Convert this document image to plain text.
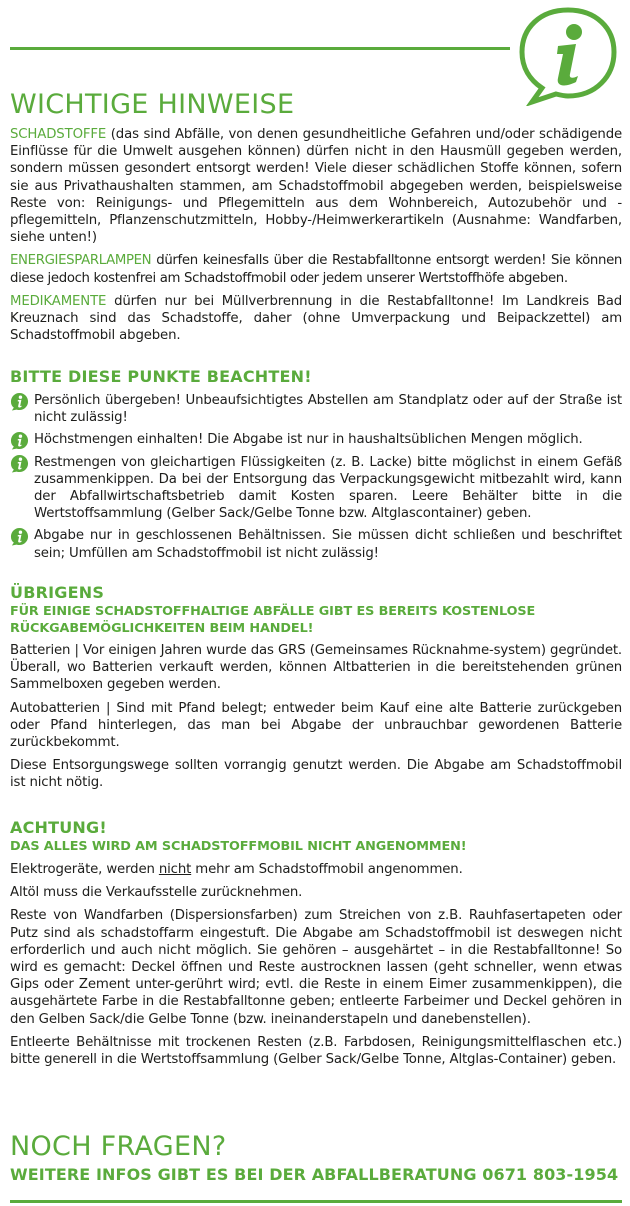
WICHTIGE HINWEISE

SCHADSTOFFE (das sind Abfälle, von denen gesundheitliche Gefahren und/oder schädigende Einflüsse für die Umwelt ausgehen können) dürfen nicht in den Hausmüll gegeben werden, sondern müssen gesondert entsorgt werden! Viele dieser schädlichen Stoffe können, sofern sie aus Privathaushalten stammen, am Schadstoffmobil abgegeben werden, beispielsweise Reste von: Reinigungs- und Pflegemitteln aus dem Wohnbereich, Autozubehör und -pflegemitteln, Pflanzenschutzmitteln, Hobby-/Heimwerkerartikeln (Ausnahme: Wandfarben, siehe unten!)

ENERGIESPARLAMPEN dürfen keinesfalls über die Restabfalltonne entsorgt werden! Sie können diese jedoch kostenfrei am Schadstoffmobil oder jedem unserer Wertstoffhöfe abgeben.

MEDIKAMENTE dürfen nur bei Müllverbrennung in die Restabfalltonne! Im Landkreis Bad Kreuznach sind das Schadstoffe, daher (ohne Umverpackung und Beipackzettel) am Schadstoffmobil abgeben.

BITTE DIESE PUNKTE BEACHTEN!

Persönlich übergeben! Unbeaufsichtigtes Abstellen am Standplatz oder auf der Straße ist nicht zulässig!
Höchstmengen einhalten! Die Abgabe ist nur in haushaltsüblichen Mengen möglich.
Restmengen von gleichartigen Flüssigkeiten (z. B. Lacke) bitte möglichst in einem Gefäß zusammenkippen. Da bei der Entsorgung das Verpackungsgewicht mitbezahlt wird, kann der Abfallwirtschaftsbetrieb damit Kosten sparen. Leere Behälter bitte in die Wertstoffsammlung (Gelber Sack/Gelbe Tonne bzw. Altglascontainer) geben.
Abgabe nur in geschlossenen Behältnissen. Sie müssen dicht schließen und beschriftet sein; Umfüllen am Schadstoffmobil ist nicht zulässig!

ÜBRIGENS

FÜR EINIGE SCHADSTOFFHALTIGE ABFÄLLE GIBT ES BEREITS KOSTENLOSE RÜCKGABEMÖGLICHKEITEN BEIM HANDEL!

Batterien | Vor einigen Jahren wurde das GRS (Gemeinsames Rücknahme-system) gegründet. Überall, wo Batterien verkauft werden, können Altbatterien in die bereitstehenden grünen Sammelboxen gegeben werden.

Autobatterien | Sind mit Pfand belegt; entweder beim Kauf eine alte Batterie zurückgeben oder Pfand hinterlegen, das man bei Abgabe der unbrauchbar gewordenen Batterie zurückbekommt.

Diese Entsorgungswege sollten vorrangig genutzt werden. Die Abgabe am Schadstoffmobil ist nicht nötig.

ACHTUNG!

DAS ALLES WIRD AM SCHADSTOFFMOBIL NICHT ANGENOMMEN!

Elektrogeräte, werden nicht mehr am Schadstoffmobil angenommen.

Altöl muss die Verkaufsstelle zurücknehmen.

Reste von Wandfarben (Dispersionsfarben) zum Streichen von z.B. Rauhfasertapeten oder Putz sind als schadstoffarm eingestuft. Die Abgabe am Schadstoffmobil ist deswegen nicht erforderlich und auch nicht möglich. Sie gehören – ausgehärtet – in die Restabfalltonne! So wird es gemacht: Deckel öffnen und Reste austrocknen lassen (geht schneller, wenn etwas Gips oder Zement unter-gerührt wird; evtl. die Reste in einem Eimer zusammenkippen), die ausgehärtete Farbe in die Restabfalltonne geben; entleerte Farbeimer und Deckel gehören in den Gelben Sack/die Gelbe Tonne (bzw. ineinanderstapeln und danebenstellen).

Entleerte Behältnisse mit trockenen Resten (z.B. Farbdosen, Reinigungsmittelflaschen etc.) bitte generell in die Wertstoffsammlung (Gelber Sack/Gelbe Tonne, Altglas-Container) geben.

NOCH FRAGEN?

WEITERE INFOS GIBT ES BEI DER ABFALLBERATUNG 0671 803-1954
